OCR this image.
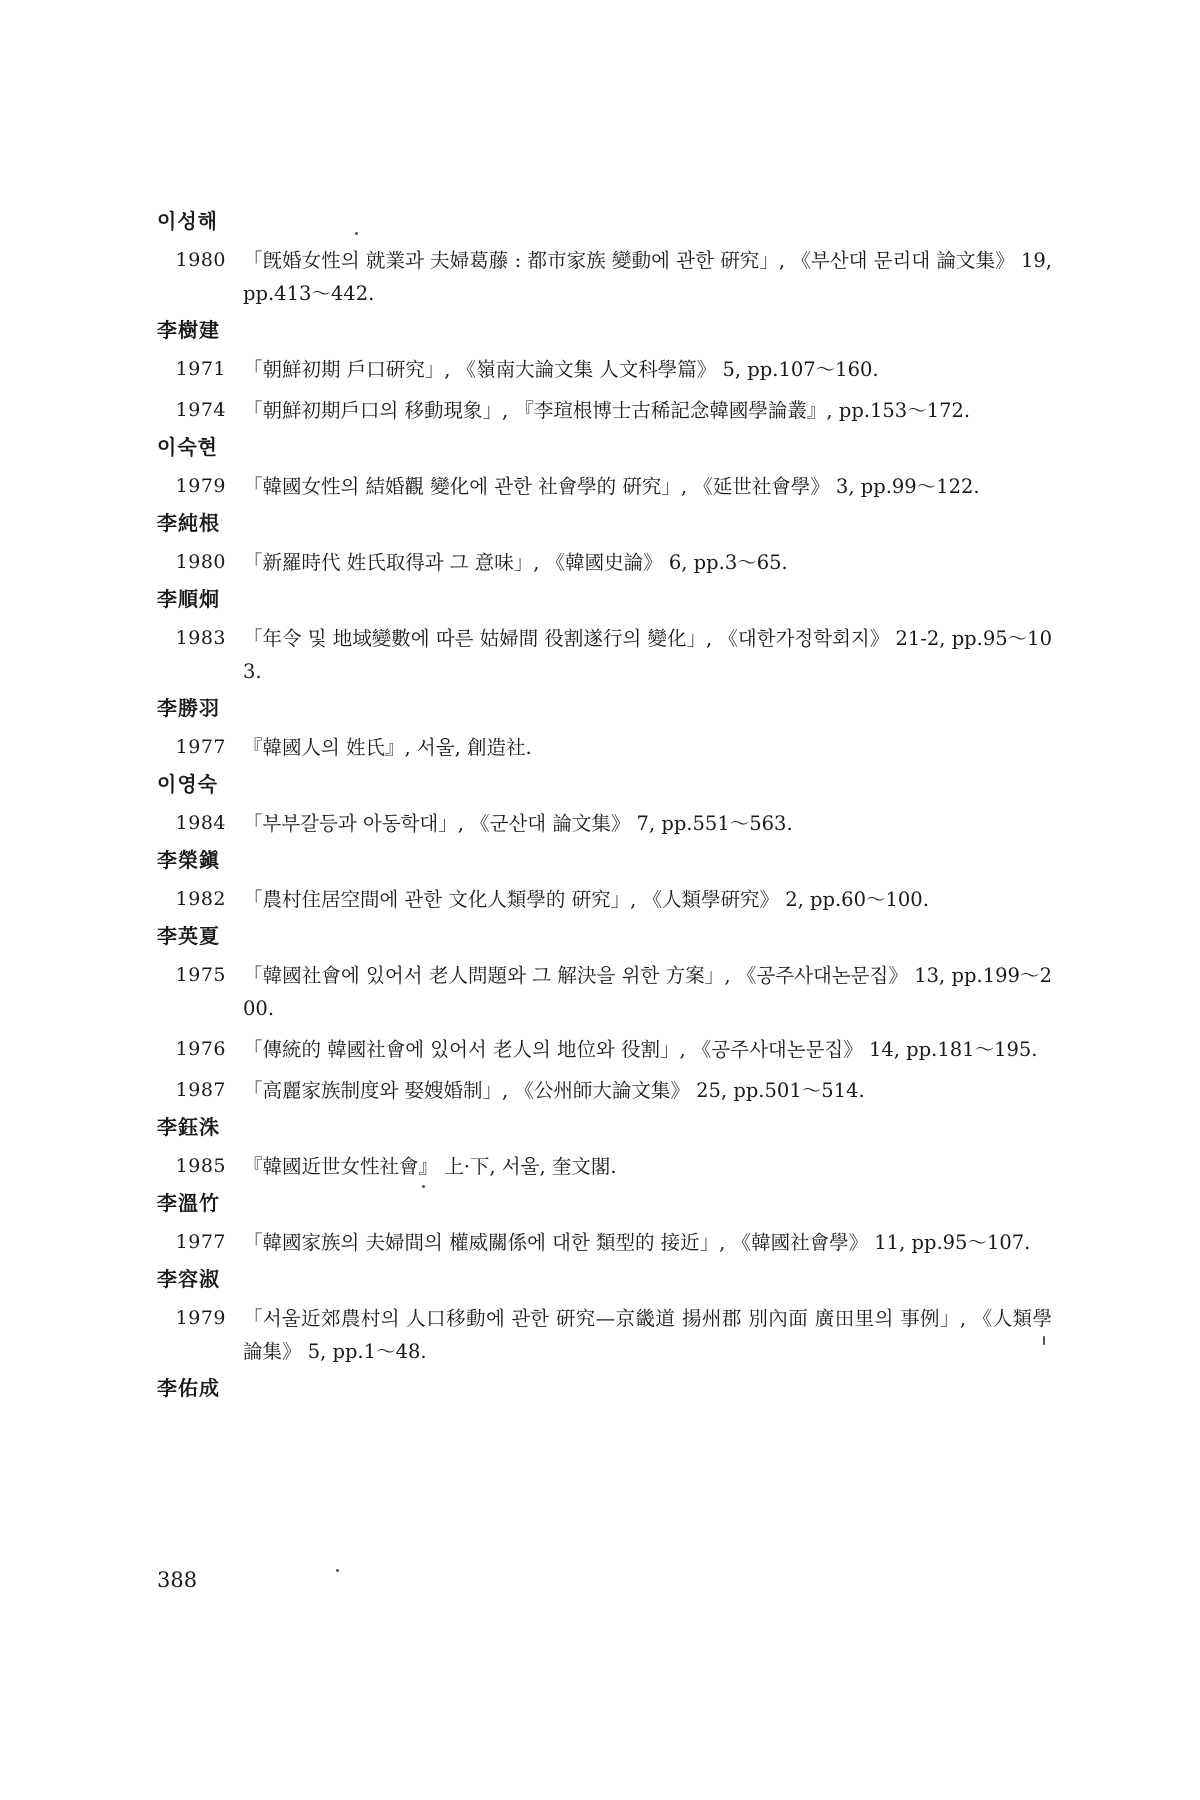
이성해
1980 「旣婚女性의 就業과 夫婦葛藤 : 都市家族 變動에 관한 硏究」, 《부산대 문리대 論文集》 19, pp.413～442.
李樹建
1971 「朝鮮初期 戶口硏究」, 《嶺南大論文集 人文科學篇》 5, pp.107～160.
1974 「朝鮮初期戶口의 移動現象」, 『李瑄根博士古稀記念韓國學論叢』, pp.153～172.
이숙현
1979 「韓國女性의 結婚觀 變化에 관한 社會學的 硏究」, 《延世社會學》 3, pp.99～122.
李純根
1980 「新羅時代 姓氏取得과 그 意味」, 《韓國史論》 6, pp.3～65.
李順炯
1983 「年令 및 地域變數에 따른 姑婦間 役割遂行의 變化」, 《대한가정학회지》 21-2, pp.95～103.
李勝羽
1977 『韓國人의 姓氏』, 서울, 創造社.
이영숙
1984 「부부갈등과 아동학대」, 《군산대 論文集》 7, pp.551～563.
李榮鎭
1982 「農村住居空間에 관한 文化人類學的 硏究」, 《人類學硏究》 2, pp.60～100.
李英夏
1975 「韓國社會에 있어서 老人問題와 그 解決을 위한 方案」, 《공주사대논문집》 13, pp.199～200.
1976 「傳統的 韓國社會에 있어서 老人의 地位와 役割」, 《공주사대논문집》 14, pp.181～195.
1987 「高麗家族制度와 娶嫂婚制」, 《公州師大論文集》 25, pp.501～514.
李鈺洙
1985 『韓國近世女性社會』 上·下, 서울, 奎文閣.
李溫竹
1977 「韓國家族의 夫婦間의 權威關係에 대한 類型的 接近」, 《韓國社會學》 11, pp.95～107.
李容淑
1979 「서울近郊農村의 人口移動에 관한 硏究—京畿道 揚州郡 別內面 廣田里의 事例」, 《人類學論集》 5, pp.1～48.
李佑成
388
